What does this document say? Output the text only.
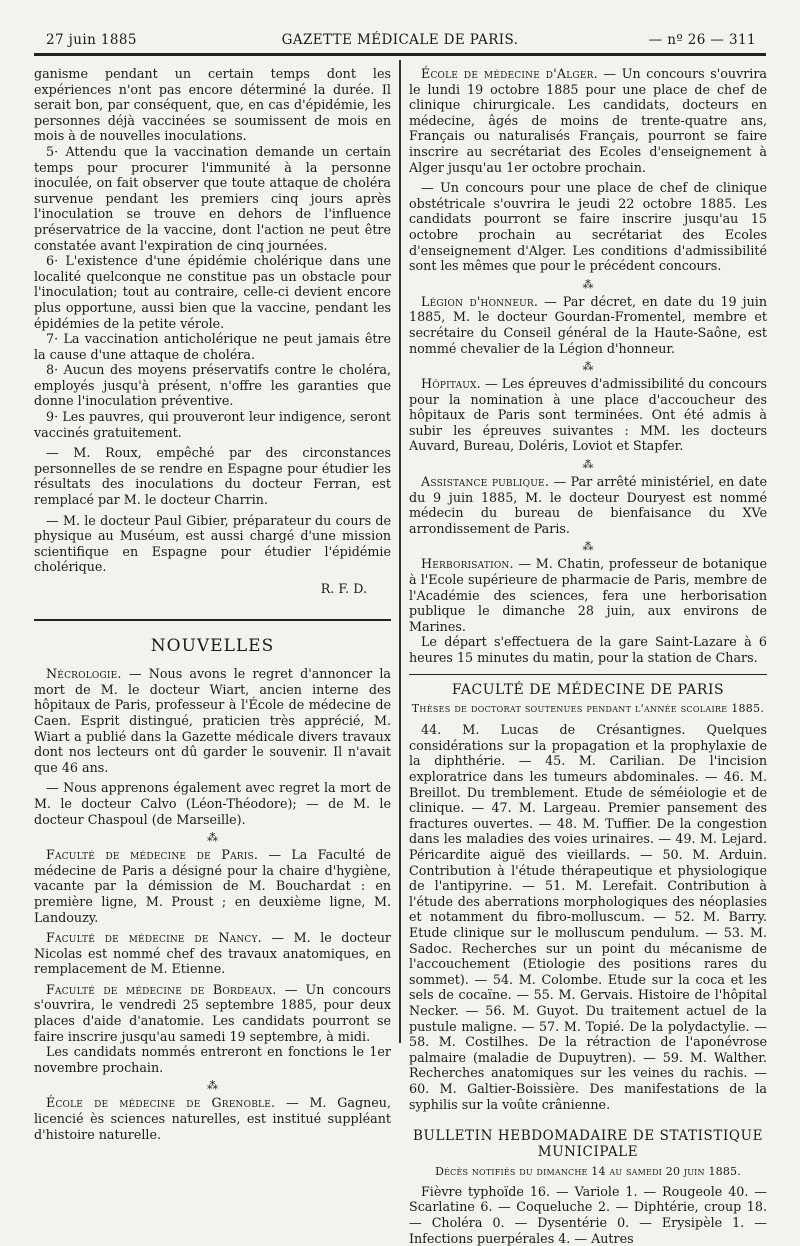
27 juin 1885	GAZETTE MÉDICALE DE PARIS.	— nº 26 — 311

ganisme pendant un certain temps dont les expériences n'ont pas encore déterminé la durée. Il serait bon, par conséquent, que, en cas d'épidémie, les personnes déjà vaccinées se soumissent de mois en mois à de nouvelles inoculations.

5· Attendu que la vaccination demande un certain temps pour procurer l'immunité à la personne inoculée, on fait observer que toute attaque de choléra survenue pendant les premiers cinq jours après l'inoculation se trouve en dehors de l'influence préservatrice de la vaccine, dont l'action ne peut être constatée avant l'expiration de cinq journées.

6· L'existence d'une épidémie cholérique dans une localité quelconque ne constitue pas un obstacle pour l'inoculation; tout au contraire, celle-ci devient encore plus opportune, aussi bien que la vaccine, pendant les épidémies de la petite vérole.

7· La vaccination anticholérique ne peut jamais être la cause d'une attaque de choléra.

8· Aucun des moyens préservatifs contre le choléra, employés jusqu'à présent, n'offre les garanties que donne l'inoculation préventive.

9· Les pauvres, qui prouveront leur indigence, seront vaccinés gratuitement.

— M. Roux, empêché par des circonstances personnelles de se rendre en Espagne pour étudier les résultats des inoculations du docteur Ferran, est remplacé par M. le docteur Charrin.

— M. le docteur Paul Gibier, préparateur du cours de physique au Muséum, est aussi chargé d'une mission scientifique en Espagne pour étudier l'épidémie cholérique.

R. F. D.
NOUVELLES

Nécrologie. — Nous avons le regret d'annoncer la mort de M. le docteur Wiart, ancien interne des hôpitaux de Paris, professeur à l'École de médecine de Caen. Esprit distingué, praticien très apprécié, M. Wiart a publié dans la Gazette médicale divers travaux dont nos lecteurs ont dû garder le souvenir. Il n'avait que 46 ans.

— Nous apprenons également avec regret la mort de M. le docteur Calvo (Léon-Théodore); — de M. le docteur Chaspoul (de Marseille).

⁂

Faculté de médecine de Paris. — La Faculté de médecine de Paris a désigné pour la chaire d'hygiène, vacante par la démission de M. Bouchardat : en première ligne, M. Proust ; en deuxième ligne, M. Landouzy.

Faculté de médecine de Nancy. — M. le docteur Nicolas est nommé chef des travaux anatomiques, en remplacement de M. Etienne.

Faculté de médecine de Bordeaux. — Un concours s'ouvrira, le vendredi 25 septembre 1885, pour deux places d'aide d'anatomie. Les candidats pourront se faire inscrire jusqu'au samedi 19 septembre, à midi.

Les candidats nommés entreront en fonctions le 1er novembre prochain.

⁂

École de médecine de Grenoble. — M. Gagneu, licencié ès sciences naturelles, est institué suppléant d'histoire naturelle.

École de médecine d'Alger. — Un concours s'ouvrira le lundi 19 octobre 1885 pour une place de chef de clinique chirurgicale. Les candidats, docteurs en médecine, âgés de moins de trente-quatre ans, Français ou naturalisés Français, pourront se faire inscrire au secrétariat des Ecoles d'enseignement à Alger jusqu'au 1er octobre prochain.

— Un concours pour une place de chef de clinique obstétricale s'ouvrira le jeudi 22 octobre 1885. Les candidats pourront se faire inscrire jusqu'au 15 octobre prochain au secrétariat des Ecoles d'enseignement d'Alger. Les conditions d'admissibilité sont les mêmes que pour le précédent concours.

⁂

Légion d'honneur. — Par décret, en date du 19 juin 1885, M. le docteur Gourdan-Fromentel, membre et secrétaire du Conseil général de la Haute-Saône, est nommé chevalier de la Légion d'honneur.

⁂

Hôpitaux. — Les épreuves d'admissibilité du concours pour la nomination à une place d'accoucheur des hôpitaux de Paris sont terminées. Ont été admis à subir les épreuves suivantes : MM. les docteurs Auvard, Bureau, Doléris, Loviot et Stapfer.

⁂

Assistance publique. — Par arrêté ministériel, en date du 9 juin 1885, M. le docteur Douryest est nommé médecin du bureau de bienfaisance du XVe arrondissement de Paris.

⁂

Herborisation. — M. Chatin, professeur de botanique à l'Ecole supérieure de pharmacie de Paris, membre de l'Académie des sciences, fera une herborisation publique le dimanche 28 juin, aux environs de Marines.

Le départ s'effectuera de la gare Saint-Lazare à 6 heures 15 minutes du matin, pour la station de Chars.

FACULTÉ DE MÉDECINE DE PARIS
Thèses de doctorat soutenues pendant l'année scolaire 1885.

44. M. Lucas de Crésantignes. Quelques considérations sur la propagation et la prophylaxie de la diphthérie. — 45. M. Carilian. De l'incision exploratrice dans les tumeurs abdominales. — 46. M. Breillot. Du tremblement. Etude de séméiologie et de clinique. — 47. M. Largeau. Premier pansement des fractures ouvertes. — 48. M. Tuffier. De la congestion dans les maladies des voies urinaires. — 49. M. Lejard. Péricardite aiguë des vieillards. — 50. M. Arduin. Contribution à l'étude thérapeutique et physiologique de l'antipyrine. — 51. M. Lerefait. Contribution à l'étude des aberrations morphologiques des néoplasies et notamment du fibro-molluscum. — 52. M. Barry. Etude clinique sur le molluscum pendulum. — 53. M. Sadoc. Recherches sur un point du mécanisme de l'accouchement (Etiologie des positions rares du sommet). — 54. M. Colombe. Etude sur la coca et les sels de cocaïne. — 55. M. Gervais. Histoire de l'hôpital Necker. — 56. M. Guyot. Du traitement actuel de la pustule maligne. — 57. M. Topié. De la polydactylie. — 58. M. Costilhes. De la rétraction de l'aponévrose palmaire (maladie de Dupuytren). — 59. M. Walther. Recherches anatomiques sur les veines du rachis. — 60. M. Galtier-Boissière. Des manifestations de la syphilis sur la voûte crânienne.

BULLETIN HEBDOMADAIRE DE STATISTIQUE MUNICIPALE
Décès notifiés du dimanche 14 au samedi 20 juin 1885.

Fièvre typhoïde 16. — Variole 1. — Rougeole 40. — Scarlatine 6. — Coqueluche 2. — Diphtérie, croup 18. — Choléra 0. — Dysentérie 0. — Erysipèle 1. — Infections puerpérales 4. — Autres
